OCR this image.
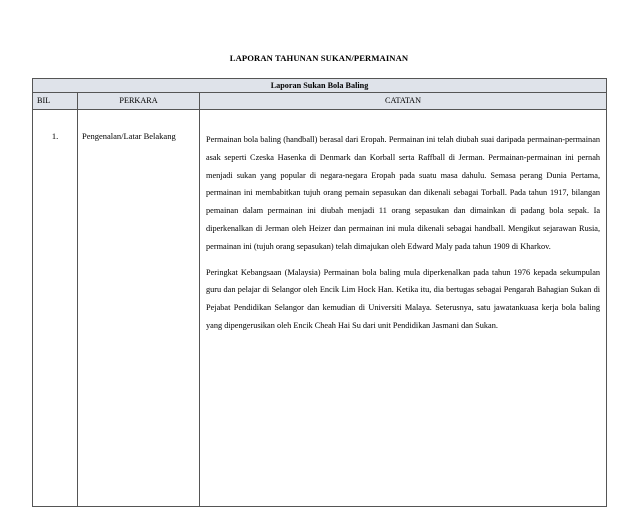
LAPORAN TAHUNAN SUKAN/PERMAINAN
Laporan Sukan Bola Baling		
BIL	PERKARA	CATATAN
1.	Pengenalan/Latar Belakang	Permainan bola baling (handball) berasal dari Eropah. Permainan ini telah diubah suai daripada permainan-permainan asak seperti Czeska Hasenka di Denmark dan Korball serta Raffball di Jerman. Permainan-permainan ini pernah menjadi sukan yang popular di negara-negara Eropah pada suatu masa dahulu. Semasa perang Dunia Pertama, permainan ini membabitkan tujuh orang pemain sepasukan dan dikenali sebagai Torball. Pada tahun 1917, bilangan pemainan dalam permainan ini diubah menjadi 11 orang sepasukan dan dimainkan di padang bola sepak. Ia diperkenalkan di Jerman oleh Heizer dan permainan ini mula dikenali sebagai handball. Mengikut sejarawan Rusia, permainan ini (tujuh orang sepasukan) telah dimajukan oleh Edward Maly pada tahun 1909 di Kharkov.

Peringkat Kebangsaan (Malaysia) Permainan bola baling mula diperkenalkan pada tahun 1976 kepada sekumpulan guru dan pelajar di Selangor oleh Encik Lim Hock Han. Ketika itu, dia bertugas sebagai Pengarah Bahagian Sukan di Pejabat Pendidikan Selangor dan kemudian di Universiti Malaya. Seterusnya, satu jawatankuasa kerja bola baling yang dipengerusikan oleh Encik Cheah Hai Su dari unit Pendidikan Jasmani dan Sukan.
